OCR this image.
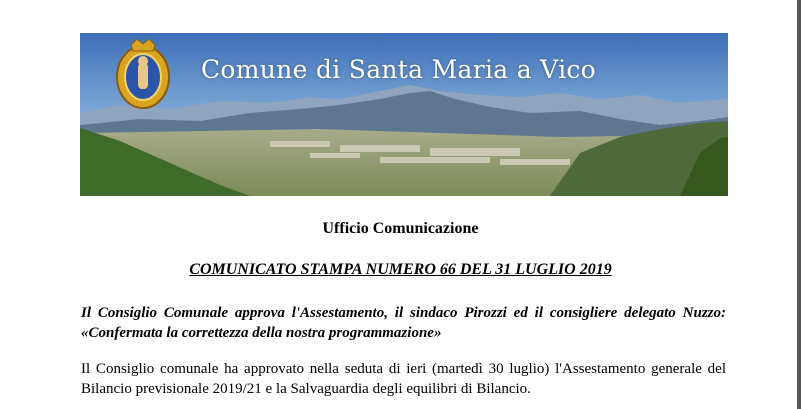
Comune di Santa Maria a Vico
Ufficio Comunicazione
COMUNICATO STAMPA NUMERO 66 DEL 31 LUGLIO 2019
Il Consiglio Comunale approva l'Assestamento, il sindaco Pirozzi ed il consigliere delegato Nuzzo: «Confermata la correttezza della nostra programmazione»
Il Consiglio comunale ha approvato nella seduta di ieri (martedì 30 luglio) l'Assestamento generale del Bilancio previsionale 2019/21 e la Salvaguardia degli equilibri di Bilancio.
